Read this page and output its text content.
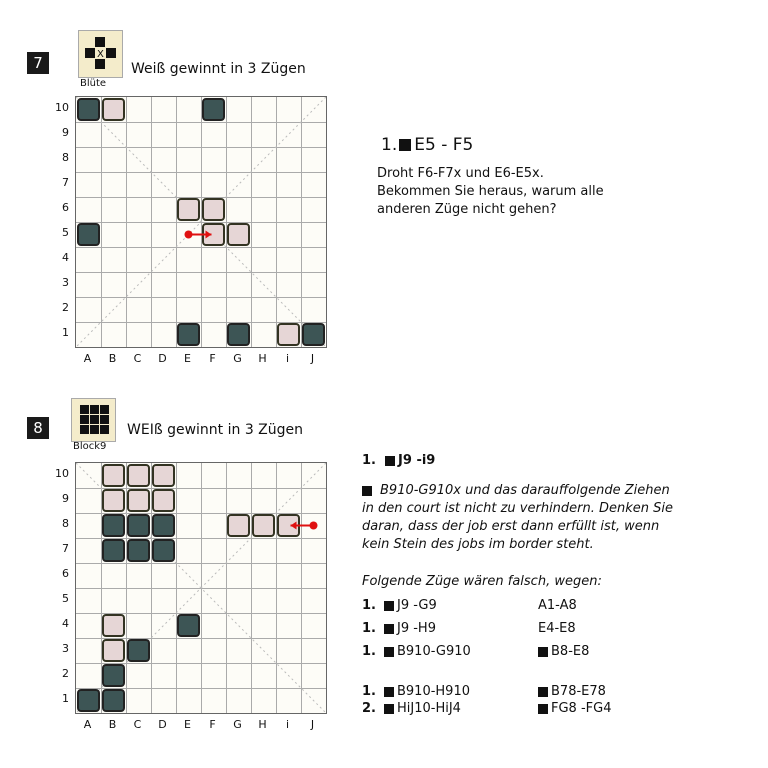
7	X
Blüte
Weiß gewinnt in 3 Zügen
10
9
8
7
6
5
4
3
2
1
A	B	C	D	E	F	G	H	i	J
1. E5 - F5
Droht F6-F7x und E6-E5x.
Bekommen Sie heraus, warum alle
anderen Züge nicht gehen?
8
Block9
WEIß gewinnt in 3 Zügen
10
9
8
7
6
5
4
3
2
1
A	B	C	D	E	F	G	H	i	J
1. J9 -i9
B910-G910x und das darauffolgende Ziehen
in den court ist nicht zu verhindern. Denken Sie
daran, dass der job erst dann erfüllt ist, wenn
kein Stein des jobs im border steht.
Folgende Züge wären falsch, wegen:
1. J9 -G9	A1-A8
1. J9 -H9	E4-E8
1. B910-G910	B8-E8
1. B910-H910	B78-E78
2. HiJ10-HiJ4	FG8 -FG4
